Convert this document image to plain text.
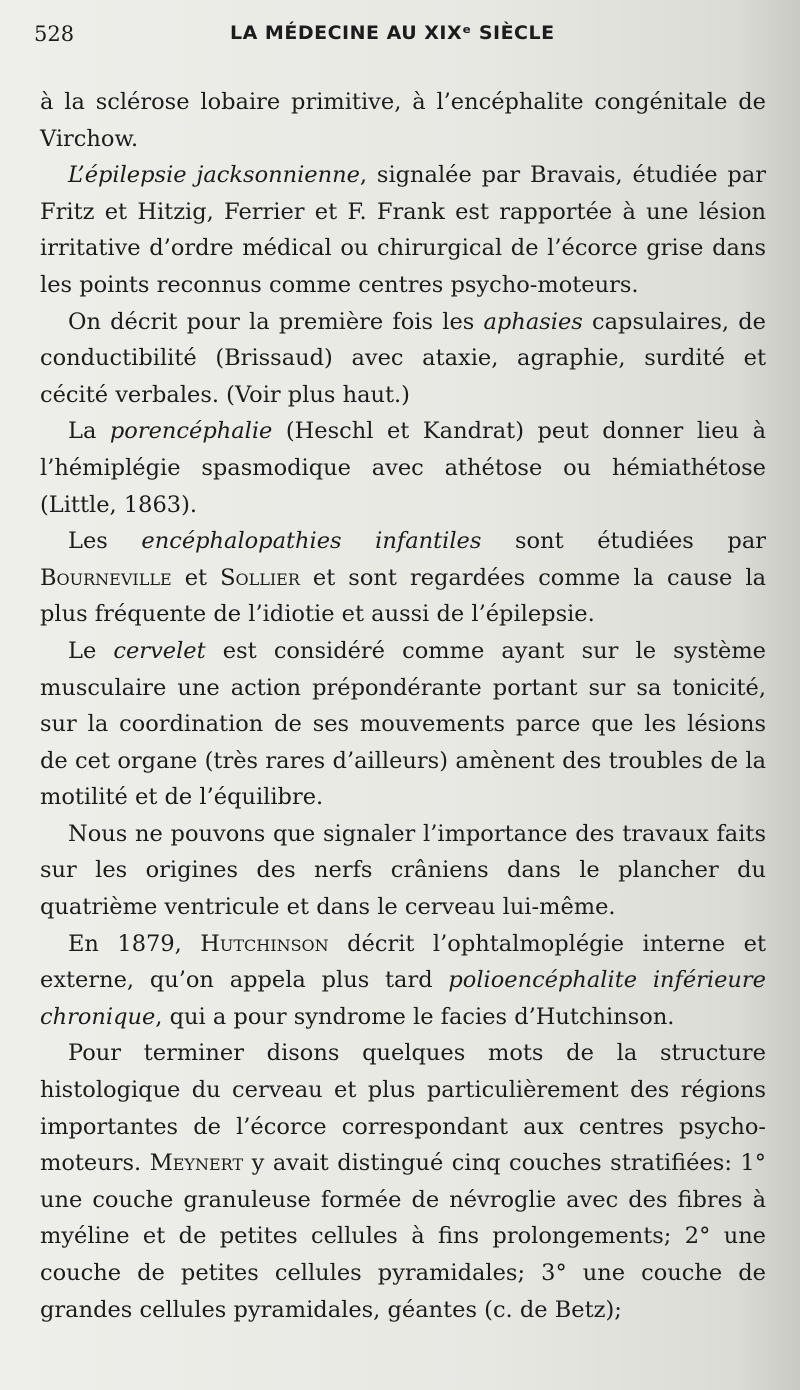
528	LA MÉDECINE AU XIXᵉ SIÈCLE

à la sclérose lobaire primitive, à l’encéphalite congénitale de Virchow.

L’épilepsie jacksonnienne, signalée par Bravais, étudiée par Fritz et Hitzig, Ferrier et F. Frank est rapportée à une lésion irritative d’ordre médical ou chirurgical de l’écorce grise dans les points reconnus comme centres psycho-moteurs.

On décrit pour la première fois les aphasies capsulaires, de conductibilité (Brissaud) avec ataxie, agraphie, surdité et cécité verbales. (Voir plus haut.)

La porencéphalie (Heschl et Kandrat) peut donner lieu à l’hémiplégie spasmodique avec athétose ou hémiathétose (Little, 1863).

Les encéphalopathies infantiles sont étudiées par Bourneville et Sollier et sont regardées comme la cause la plus fréquente de l’idiotie et aussi de l’épilepsie.

Le cervelet est considéré comme ayant sur le système musculaire une action prépondérante portant sur sa tonicité, sur la coordination de ses mouvements parce que les lésions de cet organe (très rares d’ailleurs) amènent des troubles de la motilité et de l’équilibre.

Nous ne pouvons que signaler l’importance des travaux faits sur les origines des nerfs crâniens dans le plancher du quatrième ventricule et dans le cerveau lui-même.

En 1879, Hutchinson décrit l’ophtalmoplégie interne et externe, qu’on appela plus tard polioencéphalite inférieure chronique, qui a pour syndrome le facies d’Hutchinson.

Pour terminer disons quelques mots de la structure histologique du cerveau et plus particulièrement des régions importantes de l’écorce correspondant aux centres psycho-moteurs. Meynert y avait distingué cinq couches stratifiées: 1° une couche granuleuse formée de névroglie avec des fibres à myéline et de petites cellules à fins prolongements; 2° une couche de petites cellules pyramidales; 3° une couche de grandes cellules pyramidales, géantes (c. de Betz);
